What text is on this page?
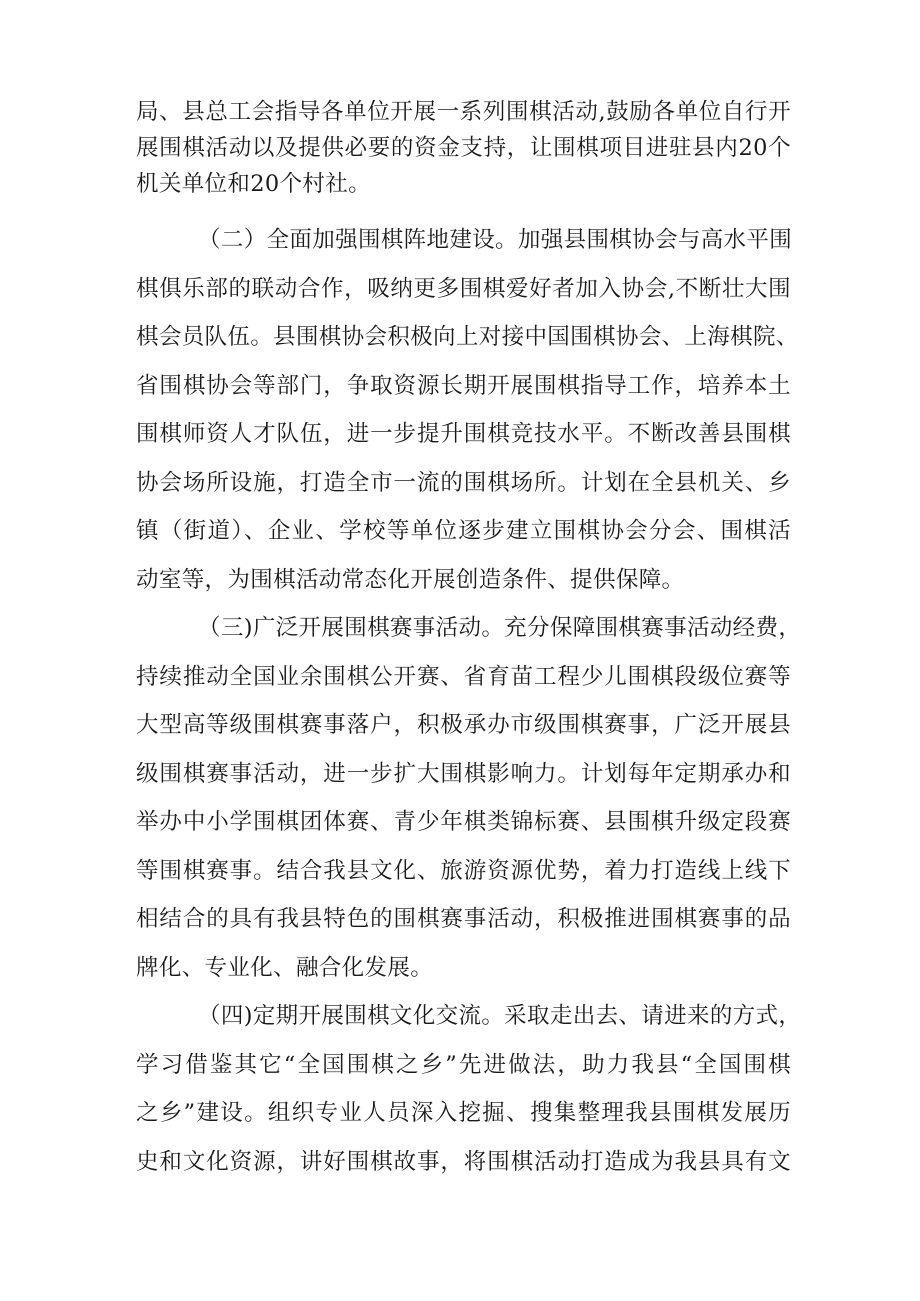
局、县总工会指导各单位开展一系列围棋活动,鼓励各单位自行开
展围棋活动以及提供必要的资金支持，让围棋项目进驻县内20个
机关单位和20个村社。
（二）全面加强围棋阵地建设。加强县围棋协会与高水平围
棋俱乐部的联动合作，吸纳更多围棋爱好者加入协会,不断壮大围
棋会员队伍。县围棋协会积极向上对接中国围棋协会、上海棋院、
省围棋协会等部门，争取资源长期开展围棋指导工作，培养本土
围棋师资人才队伍，进一步提升围棋竞技水平。不断改善县围棋
协会场所设施，打造全市一流的围棋场所。计划在全县机关、乡
镇（街道）、企业、学校等单位逐步建立围棋协会分会、围棋活
动室等，为围棋活动常态化开展创造条件、提供保障。
（三)广泛开展围棋赛事活动。充分保障围棋赛事活动经费，
持续推动全国业余围棋公开赛、省育苗工程少儿围棋段级位赛等
大型高等级围棋赛事落户，积极承办市级围棋赛事，广泛开展县
级围棋赛事活动，进一步扩大围棋影响力。计划每年定期承办和
举办中小学围棋团体赛、青少年棋类锦标赛、县围棋升级定段赛
等围棋赛事。结合我县文化、旅游资源优势，着力打造线上线下
相结合的具有我县特色的围棋赛事活动，积极推进围棋赛事的品
牌化、专业化、融合化发展。
（四)定期开展围棋文化交流。采取走出去、请进来的方式，
学习借鉴其它“全国围棋之乡”先进做法，助力我县“全国围棋
之乡”建设。组织专业人员深入挖掘、搜集整理我县围棋发展历
史和文化资源，讲好围棋故事，将围棋活动打造成为我县具有文
